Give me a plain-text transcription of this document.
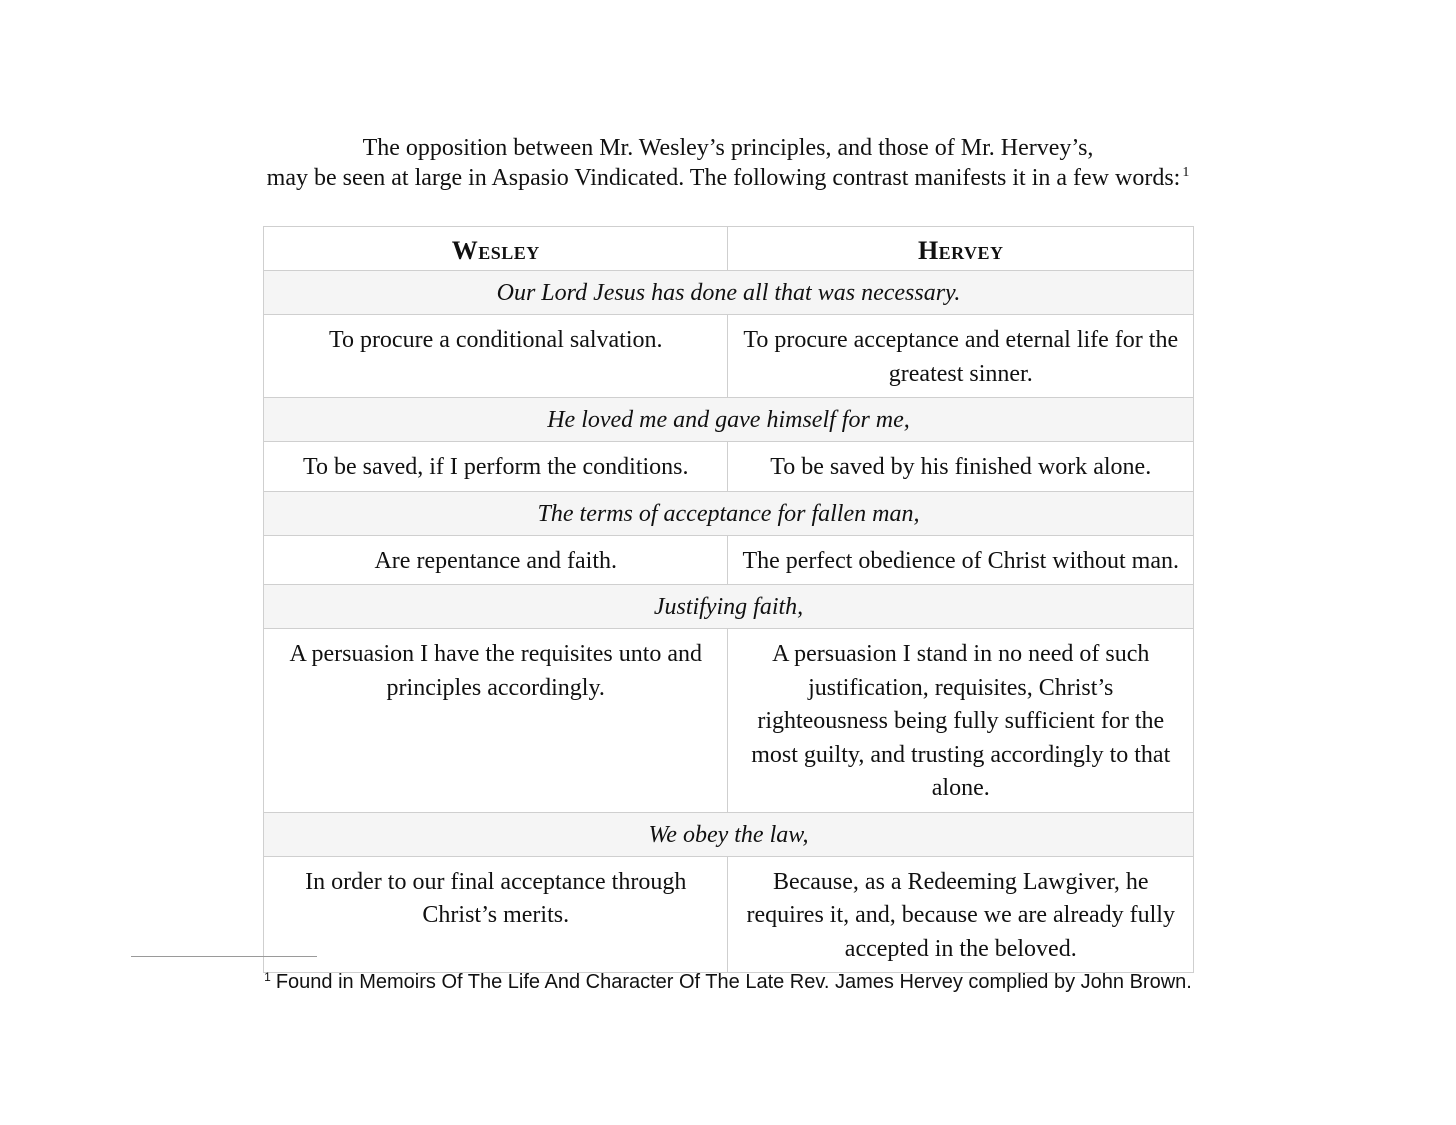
The opposition between Mr. Wesley’s principles, and those of Mr. Hervey’s,
may be seen at large in Aspasio Vindicated. The following contrast manifests it in a few words: $^1$
Wesley	Hervey
Our Lord Jesus has done all that was necessary.	
To procure a conditional salvation.	To procure acceptance and eternal life for the greatest sinner.
He loved me and gave himself for me,	
To be saved, if I perform the conditions.	To be saved by his finished work alone.
The terms of acceptance for fallen man,	
Are repentance and faith.	The perfect obedience of Christ without man.
Justifying faith,	
A persuasion I have the requisites unto and principles accordingly.	A persuasion I stand in no need of such justification, requisites, Christ’s righteousness being fully sufficient for the most guilty, and trusting accordingly to that alone.
We obey the law,	
In order to our final acceptance through Christ’s merits.	Because, as a Redeeming Lawgiver, he requires it, and, because we are already fully accepted in the beloved.
$^1$ Found in Memoirs Of The Life And Character Of The Late Rev. James Hervey complied by John Brown.
